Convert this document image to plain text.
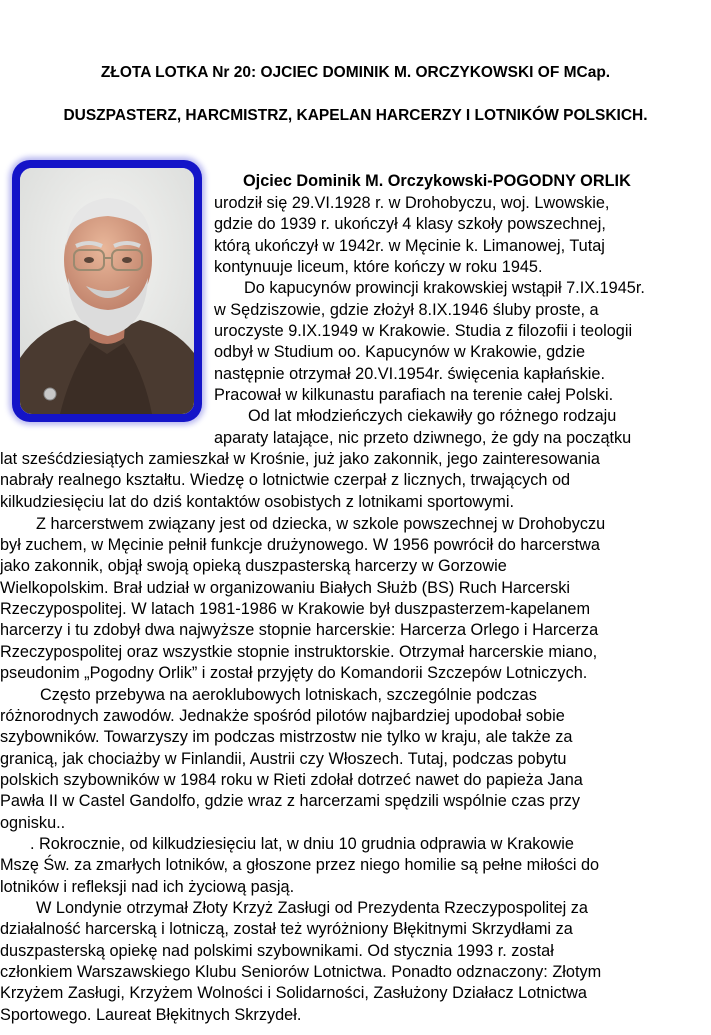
ZŁOTA LOTKA Nr 20: OJCIEC DOMINIK M. ORCZYKOWSKI OF MCap.
DUSZPASTERZ, HARCMISTRZ, KAPELAN HARCERZY I LOTNIKÓW POLSKICH.
Ojciec Dominik M. Orczykowski-POGODNY ORLIK
urodził się 29.VI.1928 r. w Drohobyczu, woj. Lwowskie,
gdzie do 1939 r. ukończył 4 klasy szkoły powszechnej,
którą ukończył w 1942r. w Męcinie k. Limanowej, Tutaj
kontynuuje liceum, które kończy w roku 1945.
Do kapucynów prowincji krakowskiej wstąpił 7.IX.1945r.
w Sędziszowie, gdzie złożył 8.IX.1946 śluby proste, a
uroczyste 9.IX.1949 w Krakowie. Studia z filozofii i teologii
odbył w Studium oo. Kapucynów w Krakowie, gdzie
następnie otrzymał 20.VI.1954r. święcenia kapłańskie.
Pracował w kilkunastu parafiach na terenie całej Polski.
Od lat młodzieńczych ciekawiły go różnego rodzaju
aparaty latające, nic przeto dziwnego, że gdy na początku
lat sześćdziesiątych zamieszkał w Krośnie, już jako zakonnik, jego zainteresowania
nabrały realnego kształtu. Wiedzę o lotnictwie czerpał z licznych, trwających od
kilkudziesięciu lat do dziś kontaktów osobistych z lotnikami sportowymi.
Z harcerstwem związany jest od dziecka, w szkole powszechnej w Drohobyczu
był zuchem, w Męcinie pełnił funkcje drużynowego. W 1956 powrócił do harcerstwa
jako zakonnik, objął swoją opieką duszpasterską harcerzy w Gorzowie
Wielkopolskim. Brał udział w organizowaniu Białych Służb (BS) Ruch Harcerski
Rzeczypospolitej. W latach 1981-1986 w Krakowie był duszpasterzem-kapelanem
harcerzy i tu zdobył dwa najwyższe stopnie harcerskie: Harcerza Orlego i Harcerza
Rzeczypospolitej oraz wszystkie stopnie instruktorskie. Otrzymał harcerskie miano,
pseudonim „Pogodny Orlik” i został przyjęty do Komandorii Szczepów Lotniczych.
Często przebywa na aeroklubowych lotniskach, szczególnie podczas
różnorodnych zawodów. Jednakże spośród pilotów najbardziej upodobał sobie
szybowników. Towarzyszy im podczas mistrzostw nie tylko w kraju, ale także za
granicą, jak chociażby w Finlandii, Austrii czy Włoszech. Tutaj, podczas pobytu
polskich szybowników w 1984 roku w Rieti zdołał dotrzeć nawet do papieża Jana
Pawła II w Castel Gandolfo, gdzie wraz z harcerzami spędzili wspólnie czas przy
ognisku..
. Rokrocznie, od kilkudziesięciu lat, w dniu 10 grudnia odprawia w Krakowie
Mszę Św. za zmarłych lotników, a głoszone przez niego homilie są pełne miłości do
lotników i refleksji nad ich życiową pasją.
W Londynie otrzymał Złoty Krzyż Zasługi od Prezydenta Rzeczypospolitej za
działalność harcerską i lotniczą, został też wyróżniony Błękitnymi Skrzydłami za
duszpasterską opiekę nad polskimi szybownikami. Od stycznia 1993 r. został
członkiem Warszawskiego Klubu Seniorów Lotnictwa. Ponadto odznaczony: Złotym
Krzyżem Zasługi, Krzyżem Wolności i Solidarności, Zasłużony Działacz Lotnictwa
Sportowego. Laureat Błękitnych Skrzydeł.
